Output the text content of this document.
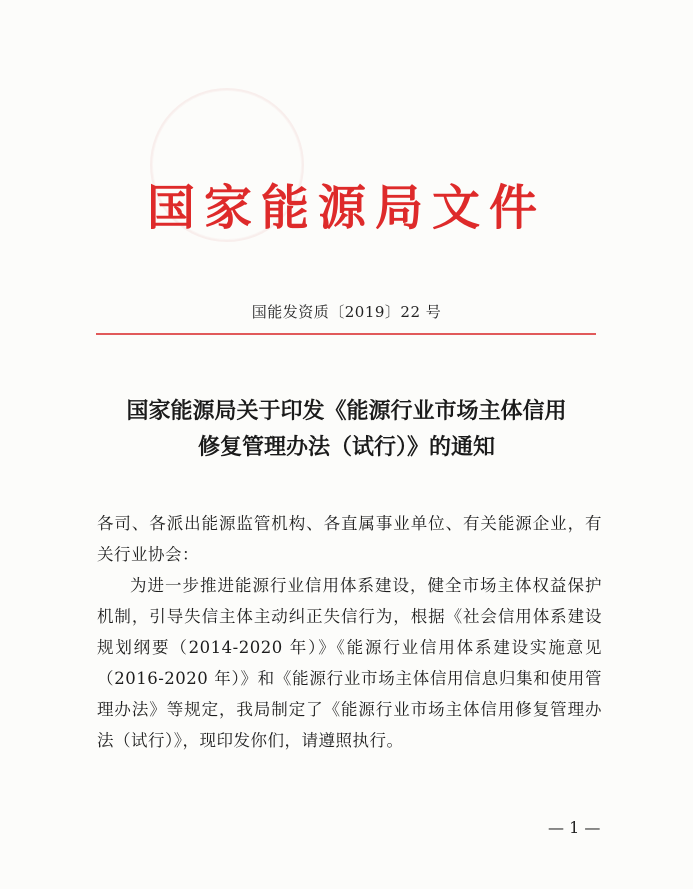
国家能源局文件
国能发资质〔2019〕22 号
国家能源局关于印发《能源行业市场主体信用
修复管理办法（试行）》的通知

各司、各派出能源监管机构、各直属事业单位、有关能源企业，有关行业协会：

为进一步推进能源行业信用体系建设，健全市场主体权益保护机制，引导失信主体主动纠正失信行为，根据《社会信用体系建设规划纲要（2014-2020 年）》《能源行业信用体系建设实施意见（2016-2020 年）》和《能源行业市场主体信用信息归集和使用管理办法》等规定，我局制定了《能源行业市场主体信用修复管理办法（试行）》，现印发你们，请遵照执行。

— 1 —
